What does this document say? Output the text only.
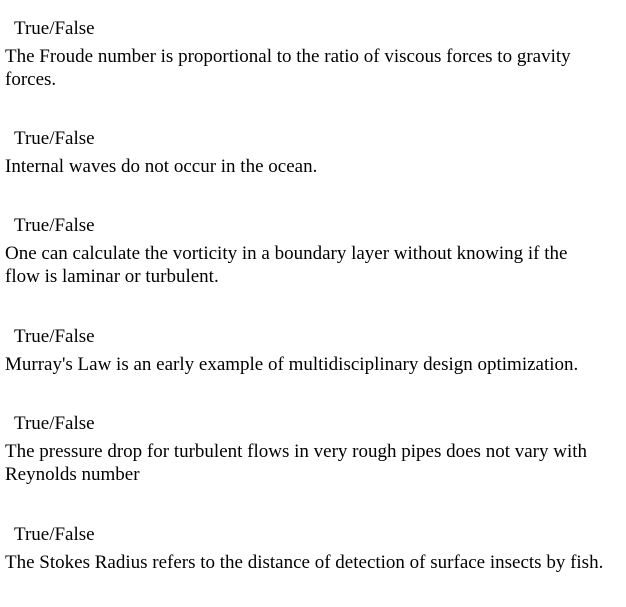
True/False
The Froude number is proportional to the ratio of viscous forces to gravity forces.
True/False
Internal waves do not occur in the ocean.
True/False
One can calculate the vorticity in a boundary layer without knowing if the flow is laminar or turbulent.
True/False
Murray's Law is an early example of multidisciplinary design optimization.
True/False
The pressure drop for turbulent flows in very rough pipes does not vary with Reynolds number
True/False
The Stokes Radius refers to the distance of detection of surface insects by fish.
